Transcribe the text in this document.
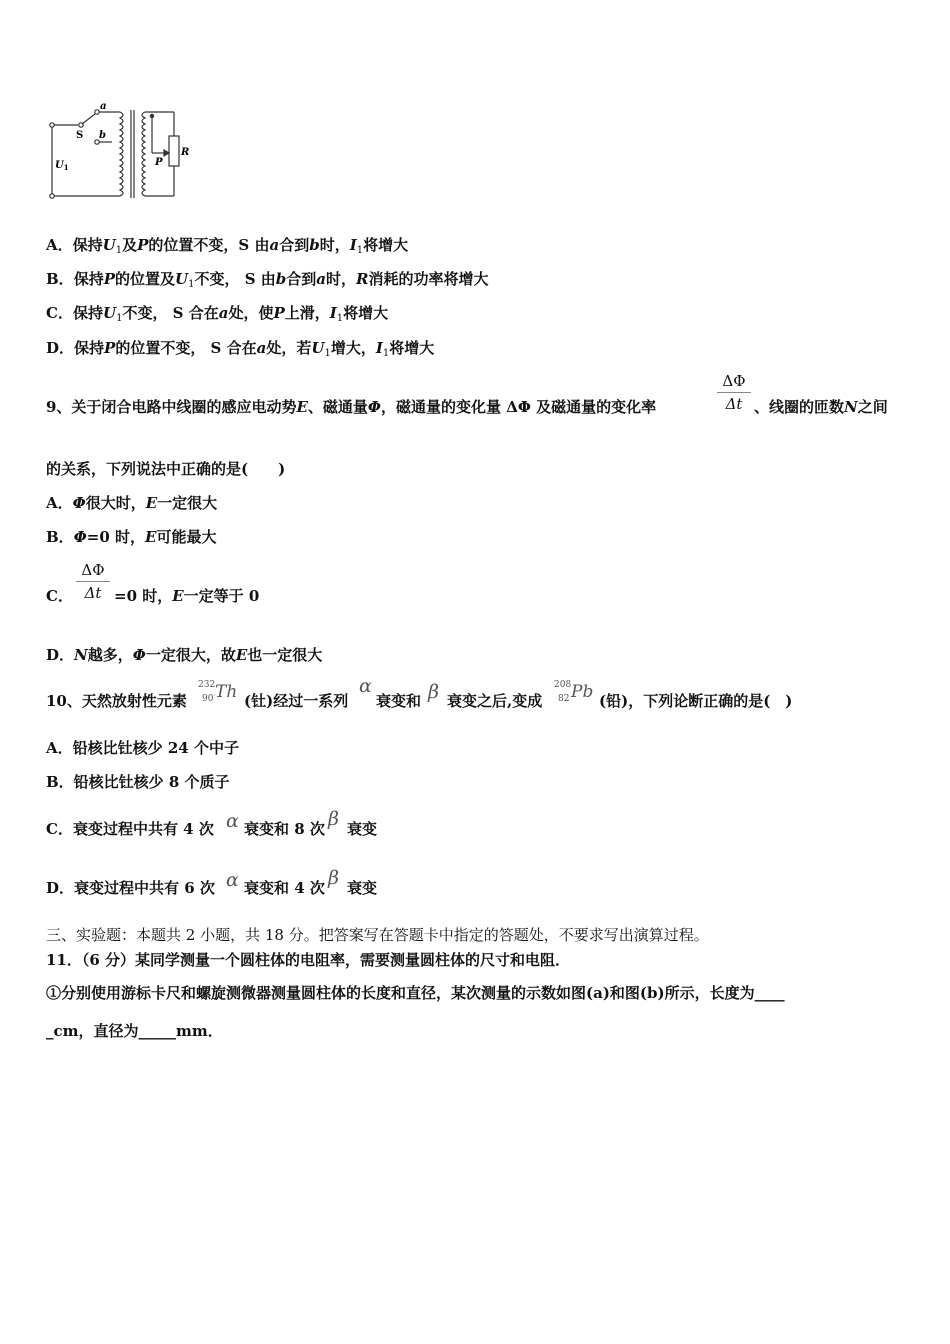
a
b
S
$U_1$	P
R
A．保持$U_1$及P的位置不变，S 由a合到b时，$I_1$将增大
B．保持P的位置及$U_1$不变， S 由b合到a时，R消耗的功率将增大
C．保持$U_1$不变， S 合在a处，使P上滑，$I_1$将增大
D．保持P的位置不变， S 合在a处，若$U_1$增大，$I_1$将增大
9、关于闭合电路中线圈的感应电动势E、磁通量Φ，磁通量的变化量 ΔΦ 及磁通量的变化率
ΔΦ
Δt 、线圈的匝数N之间
的关系，下列说法中正确的是(　　)
A．Φ很大时，E一定很大
B．Φ=0 时，E可能最大
C．
ΔΦ
Δt =0 时，E一定等于 0
D．N越多，Φ一定很大，故E也一定很大
10、天然放射性元素
232
90 Th (钍)经过一系列
α
衰变和 β 衰变之后,变成
208
82 Pb (铅)，下列论断正确的是(　)
A．铅核比钍核少 24 个中子
B．铅核比钍核少 8 个质子
C．衰变过程中共有 4 次 α 衰变和 8 次 β 衰变
D．衰变过程中共有 6 次 α 衰变和 4 次 β 衰变
三、实验题：本题共 2 小题，共 18 分。把答案写在答题卡中指定的答题处，不要求写出演算过程。
11．（6 分）某同学测量一个圆柱体的电阻率，需要测量圆柱体的尺寸和电阻．
①分别使用游标卡尺和螺旋测微器测量圆柱体的长度和直径，某次测量的示数如图(a)和图(b)所示，长度为____
_cm，直径为_____mm．
